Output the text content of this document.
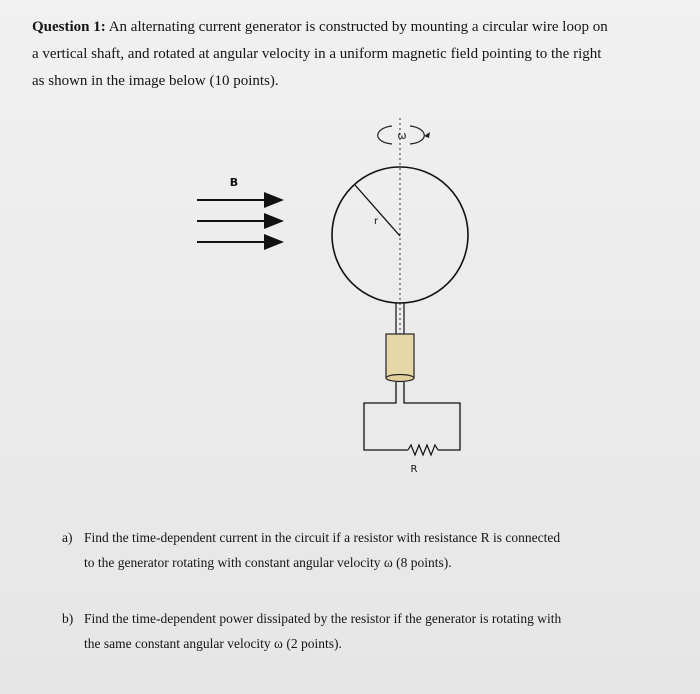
Question 1: An alternating current generator is constructed by mounting a circular wire loop on
a vertical shaft, and rotated at angular velocity in a uniform magnetic field pointing to the right
as shown in the image below (10 points).
ω
B
r
R
a) Find the time-dependent current in the circuit if a resistor with resistance R is connected
to the generator rotating with constant angular velocity ω (8 points).
b) Find the time-dependent power dissipated by the resistor if the generator is rotating with
the same constant angular velocity ω (2 points).
